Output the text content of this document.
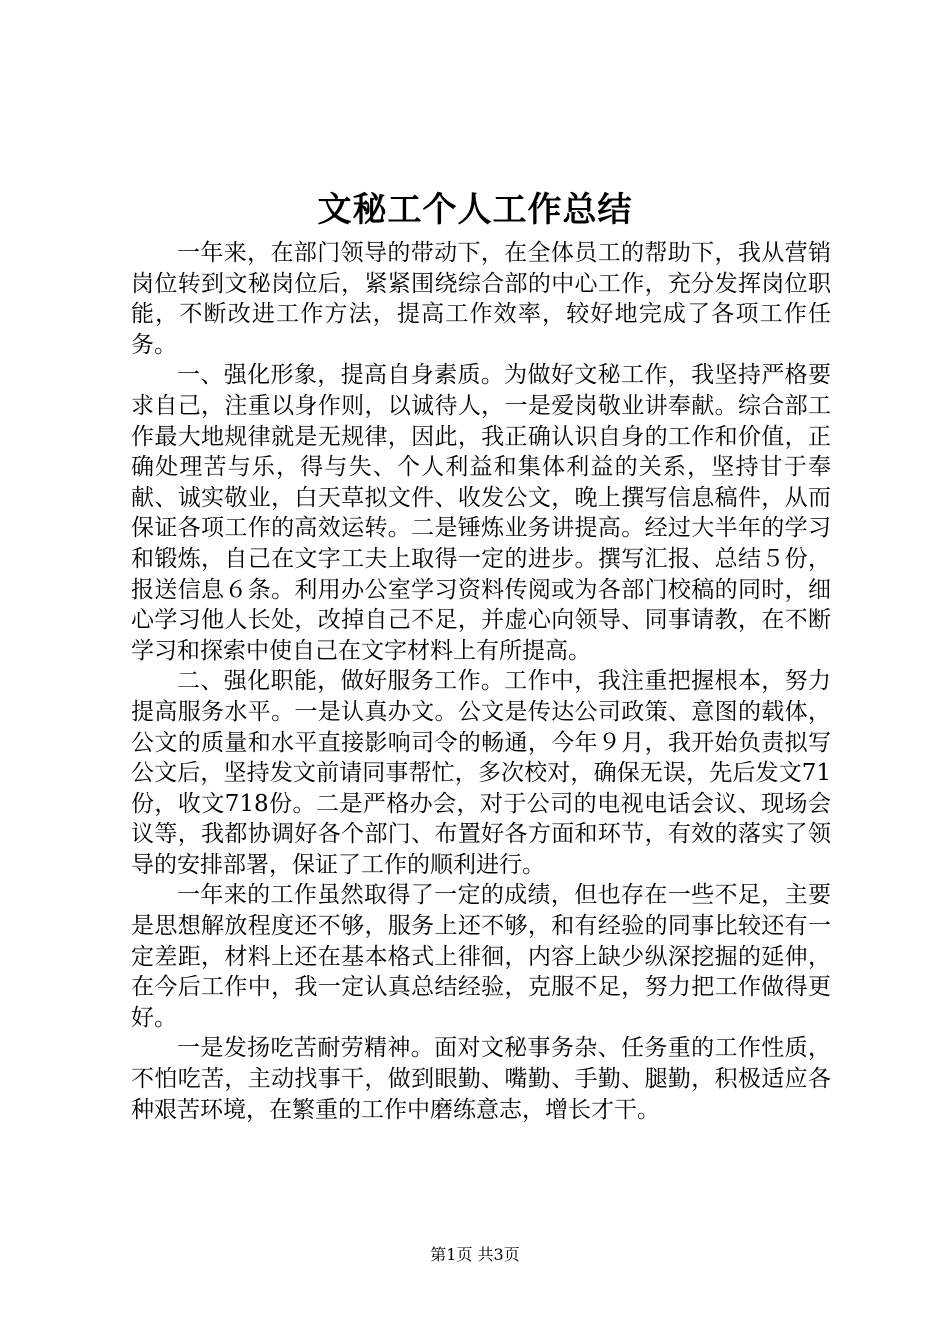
文秘工个人工作总结

一年来，在部门领导的带动下，在全体员工的帮助下，我从营销岗位转到文秘岗位后，紧紧围绕综合部的中心工作，充分发挥岗位职能，不断改进工作方法，提高工作效率，较好地完成了各项工作任务。

一、强化形象，提高自身素质。为做好文秘工作，我坚持严格要求自己，注重以身作则，以诚待人，一是爱岗敬业讲奉献。综合部工作最大地规律就是无规律，因此，我正确认识自身的工作和价值，正确处理苦与乐，得与失、个人利益和集体利益的关系，坚持甘于奉献、诚实敬业，白天草拟文件、收发公文，晚上撰写信息稿件，从而保证各项工作的高效运转。二是锤炼业务讲提高。经过大半年的学习和锻炼，自己在文字工夫上取得一定的进步。撰写汇报、总结５份，报送信息６条。利用办公室学习资料传阅或为各部门校稿的同时，细心学习他人长处，改掉自己不足，并虚心向领导、同事请教，在不断学习和探索中使自己在文字材料上有所提高。

二、强化职能，做好服务工作。工作中，我注重把握根本，努力提高服务水平。一是认真办文。公文是传达公司政策、意图的载体，公文的质量和水平直接影响司令的畅通，今年９月，我开始负责拟写公文后，坚持发文前请同事帮忙，多次校对，确保无误，先后发文71份，收文718份。二是严格办会，对于公司的电视电话会议、现场会议等，我都协调好各个部门、布置好各方面和环节，有效的落实了领导的安排部署，保证了工作的顺利进行。

一年来的工作虽然取得了一定的成绩，但也存在一些不足，主要是思想解放程度还不够，服务上还不够，和有经验的同事比较还有一定差距，材料上还在基本格式上徘徊，内容上缺少纵深挖掘的延伸，在今后工作中，我一定认真总结经验，克服不足，努力把工作做得更好。

一是发扬吃苦耐劳精神。面对文秘事务杂、任务重的工作性质，不怕吃苦，主动找事干，做到眼勤、嘴勤、手勤、腿勤，积极适应各种艰苦环境，在繁重的工作中磨练意志，增长才干。

第1页 共3页
